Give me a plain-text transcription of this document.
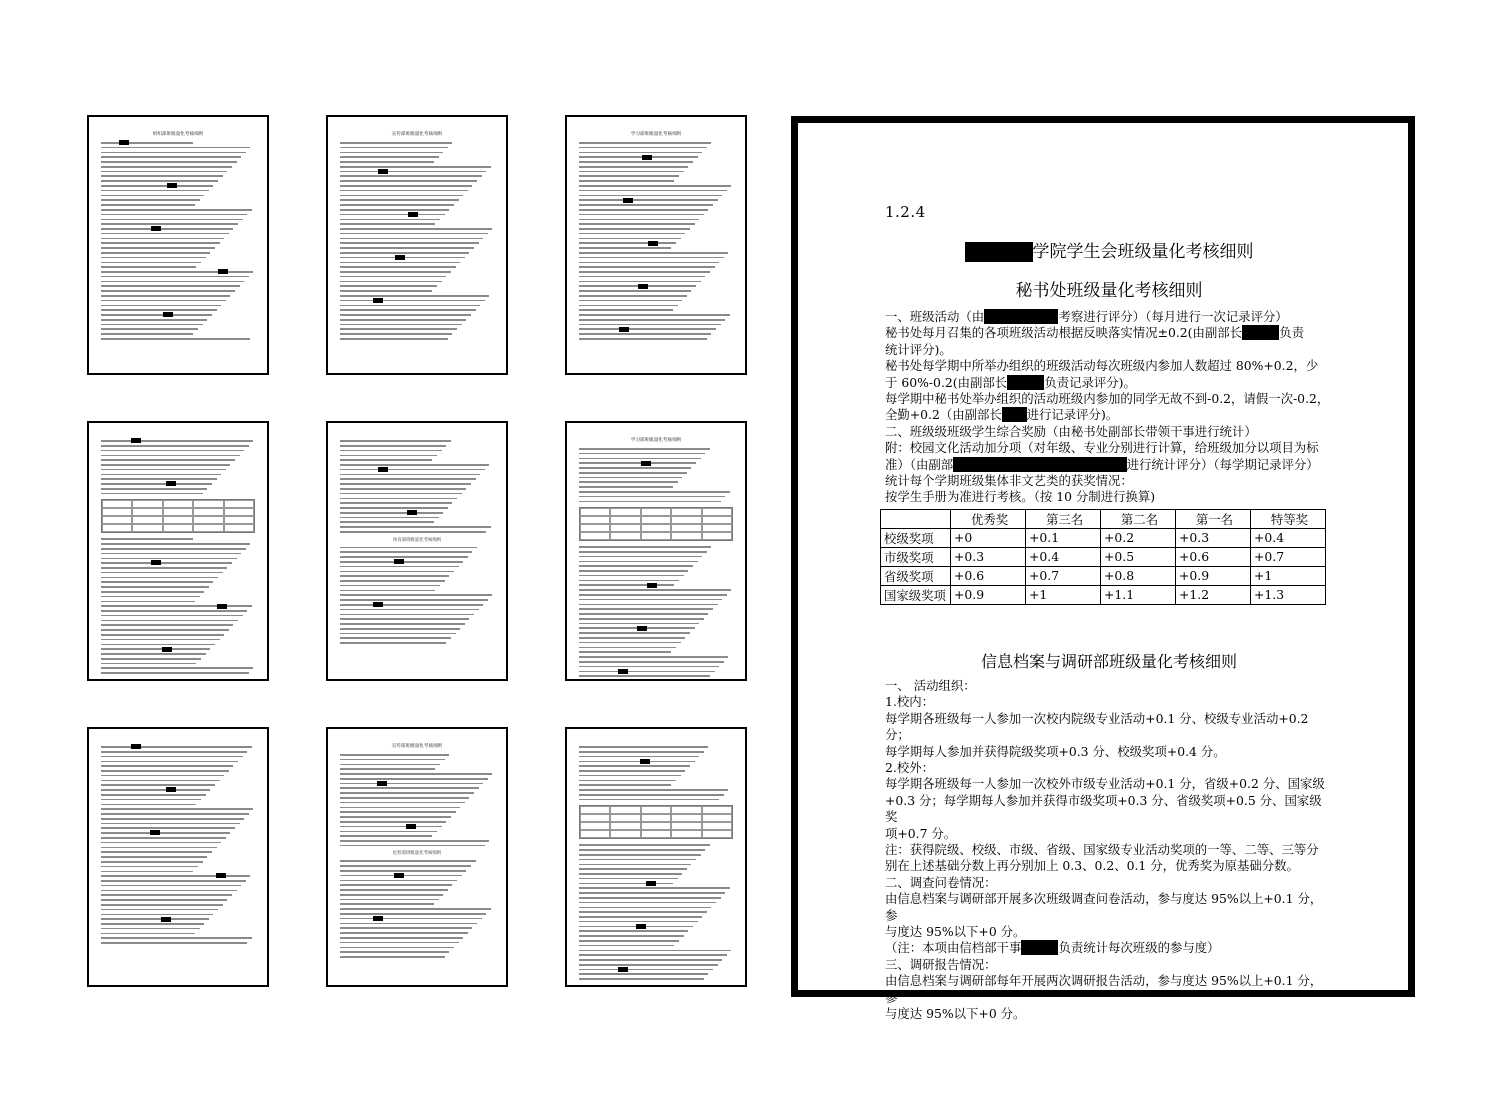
组织部班级量化考核细则	宣传部班级量化考核细则	学习部班级量化考核细则
体育部班级量化考核细则
学习部班级量化考核细则
宣传部班级量化考核细则
纪检部班级量化考核细则
1.2.4
文化传播学院学生会班级量化考核细则
秘书处班级量化考核细则

一、班级活动（由秘书处副部长考察进行评分）（每月进行一次记录评分）

秘书处每月召集的各项班级活动根据反映落实情况±0.2(由副部长某某某负责

统计评分)。

秘书处每学期中所举办组织的班级活动每次班级内参加人数超过 80%+0.2，少

于 60%-0.2(由副部长某某某负责记录评分)。

每学期中秘书处举办组织的活动班级内参加的同学无故不到-0.2，请假一次-0.2，

全勤+0.2（由副部长某某进行记录评分)。

二、班级级班级学生综合奖励（由秘书处副部长带领干事进行统计）

附：校园文化活动加分项（对年级、专业分别进行计算，给班级加分以项目为标

准）（由副部长某某某及干事某某某、某某某进行统计评分）（每学期记录评分）

统计每个学期班级集体非文艺类的获奖情况：

按学生手册为准进行考核。（按 10 分制进行换算)

	优秀奖	第三名	第二名	第一名	特等奖
校级奖项	+0	+0.1	+0.2	+0.3	+0.4
市级奖项	+0.3	+0.4	+0.5	+0.6	+0.7
省级奖项	+0.6	+0.7	+0.8	+0.9	+1
国家级奖项	+0.9	+1	+1.1	+1.2	+1.3
信息档案与调研部班级量化考核细则

一、 活动组织：

1.校内：

每学期各班级每一人参加一次校内院级专业活动+0.1 分、校级专业活动+0.2 分；

每学期每人参加并获得院级奖项+0.3 分、校级奖项+0.4 分。

2.校外：

每学期各班级每一人参加一次校外市级专业活动+0.1 分，省级+0.2 分、国家级

+0.3 分；每学期每人参加并获得市级奖项+0.3 分、省级奖项+0.5 分、国家级奖

项+0.7 分。

注：获得院级、校级、市级、省级、国家级专业活动奖项的一等、二等、三等分

别在上述基础分数上再分别加上 0.3、0.2、0.1 分，优秀奖为原基础分数。

二、调查问卷情况：

由信息档案与调研部开展多次班级调查问卷活动，参与度达 95%以上+0.1 分，参

与度达 95%以下+0 分。

（注：本项由信档部干事某某某负责统计每次班级的参与度）

三、调研报告情况：

由信息档案与调研部每年开展两次调研报告活动，参与度达 95%以上+0.1 分，参

与度达 95%以下+0 分。
